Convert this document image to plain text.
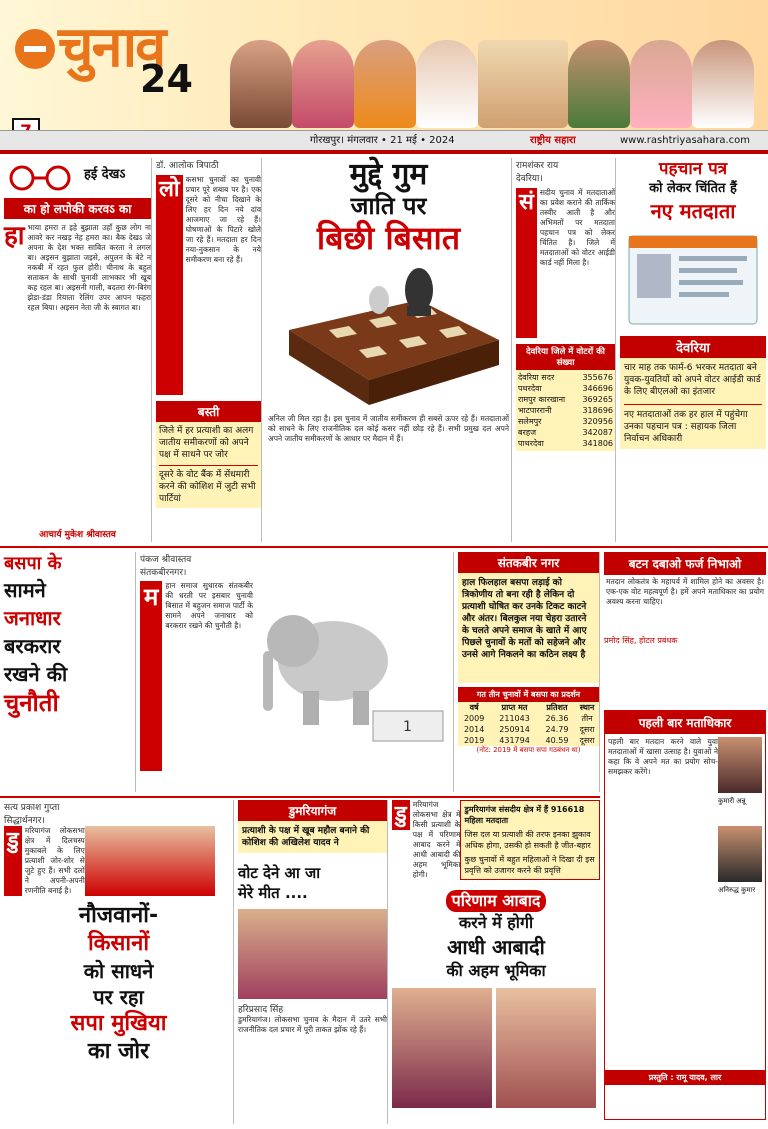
चुनाव
24
गोरखपुर। मंगलवार • 21 मई • 2024	राष्ट्रीय सहारा	www.rashtriyasahara.com
हई देखऽ
का हो लपोकी करवऽ का
हा भाया हमरा त इहे बुझाता उहाँ कुछ लोग ना आवरे कर नखड़ नेह हमरा का। बैक देखऽ जे अपना के देश भक्त साबित करता ने लगल बा। अइसन बुझाता जइसे, अपुलन के बेटे न नकबी में रहत फुल होरी। चीनाथ के बहुत सताकन के साथी चुनावी लाभकार भी खूब कह रहल बा। अइसनी गाली, बदतरा रंग-बिरंग झेडा-डंडा रियाता रेलिंग उपर आपन फहरा रहल बिया। अइसन नेता जी के स्वागत बा।
आचार्य मुकेश श्रीवास्तव
डॉ. आलोक त्रिपाठी
लो कसभा चुनावों का चुनावी प्रचार पूरे शबाब पर है। एक दूसरे को नीचा दिखाने के लिए हर दिन नये दांव आजमाए जा रहे हैं। घोषणाओं के पिटारे खोले जा रहे हैं। मतदाता हर दिन नया-नुकसान के नये समीकरण बना रहे हैं।
बस्ती
जिले में हर प्रत्याशी का अलग जातीय समीकरणों को अपने पक्ष में साधने पर जोर
दूसरे के वोट बैंक में सेंधमारी करने की कोशिश में जुटी सभी पार्टियां
मुद्दे गुम
जाति पर
बिछी बिसात
अनिल जी मिल रहा है। इस चुनाव में जातीय समीकरण ही सबसे ऊपर रहे हैं। मतदाताओं को साधने के लिए राजनीतिक दल कोई कसर नहीं छोड़ रहे हैं। सभी प्रमुख दल अपने अपने जातीय समीकरणों के आधार पर मैदान में हैं।
रामशंकर राय
देवरिया।
सं सदीय चुनाव में मतदाताओं का प्रवेश कराने की तार्किक तस्वीर आती है और अभिमतों पर मतदाता पहचान पत्र को लेकर चिंतित है। जिले में मतदाताओं को वोटर आईडी कार्ड नहीं मिला है।
देवरिया जिले में वोटरों की संख्या
देवरिया सदर	355676
पथरदेवा	346696
रामपुर कारखाना 369265
भाटपाररानी	318696
सलेमपुर	320956
बरहज	342087
पाथरदेवा	341806
पहचान पत्र
को लेकर चिंतित हैं
नए मतदाता
देवरिया
चार माह तक फार्म-6 भरकर मतदाता बने युवक-युवतियों को अपने वोटर आईडी कार्ड के लिए बीएलओ का इंतजार
नए मतदाताओं तक हर हाल में पहुंचेगा उनका पहचान पत्र : सहायक जिला निर्वाचन अधिकारी
बसपा के
सामने
जनाधार
बरकरार
रखने की
चुनौती
पंकज श्रीवास्तव
संतकबीरनगर।
म हान समाज सुधारक संतकबीर की धरती पर इसबार चुनावी बिसात में बहुजन समाज पार्टी के सामने अपने जनाधार को बरकरार रखने की चुनौती है।
1
संतकबीर नगर
हाल फिलहाल बसपा लड़ाई को त्रिकोणीय तो बना रही है लेकिन दो प्रत्याशी घोषित कर उनके टिकट काटने और अंतर। बिलकुल नया चेहरा उतारने के चलते अपने समाज के खाते में आए पिछले चुनावों के मतों को सहेजने और उनसे आगे निकलने का कठिन लक्ष्य है
गत तीन चुनावों में बसपा का प्रदर्शन
वर्ष	प्राप्त मत	प्रतिशत	स्थान
2009	211043	26.36	तीन
2014	250914	24.79	दूसरा
2019	431794	40.59	दूसरा
(नोट: 2019 में बसपा सपा गठबंधन था)
बटन दबाओ फर्ज निभाओ
मतदान लोकतंत्र के महापर्व में शामिल होने का अवसर है। एक-एक वोट महत्वपूर्ण है। हमें अपने मताधिकार का प्रयोग अवश्य करना चाहिए।
प्रमोद सिंह, होटल प्रबंधक
पहली बार मताधिकार
पहली बार मतदान करने वाले युवा मतदाताओं में खासा उत्साह है। युवाओं ने कहा कि वे अपने मत का प्रयोग सोच-समझकर करेंगे।
कुमारी अन्नू
अनिरुद्ध कुमार
प्रस्तुति : रामू यादव, लार
सत्य प्रकाश गुप्ता
सिद्धार्थनगर।
डु मरियागंज लोकसभा क्षेत्र में दिलचस्प मुकाबले के लिए प्रत्याशी जोर-शोर से जुटे हुए हैं। सभी दलों ने अपनी-अपनी रणनीति बनाई है।
नौजवानों-
किसानों
को साधने
पर रहा
सपा मुखिया
का जोर
डुमरियागंज
प्रत्याशी के पक्ष में खूब महौल बनाने की कोशिश की अखिलेश यादव ने
वोट देने आ जा
मेरे मीत ....
हरिप्रसाद सिंह
डुमरियागंज। लोकसभा चुनाव के मैदान में उतरे सभी राजनीतिक दल प्रचार में पूरी ताकत झोंक रहे हैं।
डु मरियागंज लोकसभा क्षेत्र में किसी प्रत्याशी के पक्ष में परिणाम आबाद करने में आधी आबादी की अहम भूमिका होगी।
डुमरियागंज संसदीय क्षेत्र में हैं 916618 महिला मतदाता
जिस दल या प्रत्याशी की तरफ इनका झुकाव अधिक होगा, उसकी हो सकती है जीत-बहार
कुछ चुनावों में बहुत महिलाओं ने दिखा दी इस प्रवृत्ति को उजागर करने की प्रवृत्ति
परिणाम आबाद
करने में होगी
आधी आबादी
की अहम भूमिका
